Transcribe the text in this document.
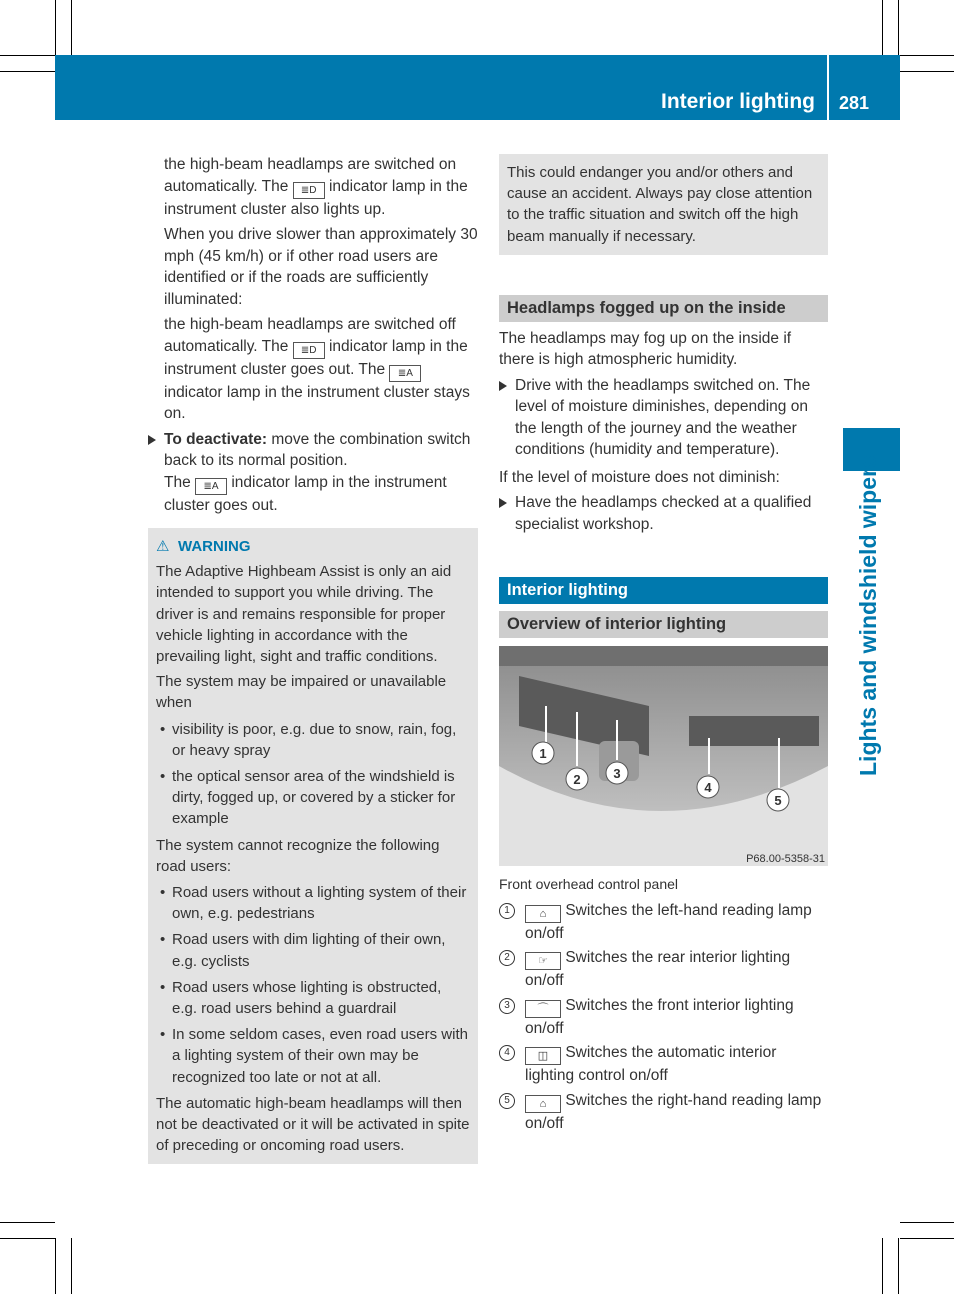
Interior lighting 281
Lights and windshield wipers

the high-beam headlamps are switched on automatically. The ≣D indicator lamp in the instrument cluster also lights up.

When you drive slower than approximately 30 mph (45 km/h) or if other road users are identified or if the roads are sufficiently illuminated:

the high-beam headlamps are switched off automatically. The ≣D indicator lamp in the instrument cluster goes out. The ≣A indicator lamp in the instrument cluster stays on.

To deactivate: move the combination switch back to its normal position.
The ≣A indicator lamp in the instrument cluster goes out.
⚠ WARNING

The Adaptive Highbeam Assist is only an aid intended to support you while driving. The driver is and remains responsible for proper vehicle lighting in accordance with the prevailing light, sight and traffic conditions.

The system may be impaired or unavailable when

• visibility is poor, e.g. due to snow, rain, fog, or heavy spray
• the optical sensor area of the windshield is dirty, fogged up, or covered by a sticker for example

The system cannot recognize the following road users:

• Road users without a lighting system of their own, e.g. pedestrians
• Road users with dim lighting of their own, e.g. cyclists
• Road users whose lighting is obstructed, e.g. road users behind a guardrail
• In some seldom cases, even road users with a lighting system of their own may be recognized too late or not at all.

The automatic high-beam headlamps will then not be deactivated or it will be activated in spite of preceding or oncoming road users.

This could endanger you and/or others and cause an accident. Always pay close attention to the traffic situation and switch off the high beam manually if necessary.
Headlamps fogged up on the inside

The headlamps may fog up on the inside if there is high atmospheric humidity.

Drive with the headlamps switched on. The level of moisture diminishes, depending on the length of the journey and the weather conditions (humidity and temperature).

If the level of moisture does not diminish:

Have the headlamps checked at a qualified specialist workshop.
Interior lighting
Overview of interior lighting
1
2	3
4
5
P68.00-5358-31
Front overhead control panel
1	⌂ Switches the left-hand reading lamp on/off
2	☞ Switches the rear interior lighting on/off
3	⌒ Switches the front interior lighting on/off
4	◫ Switches the automatic interior lighting control on/off
5	⌂ Switches the right-hand reading lamp on/off
